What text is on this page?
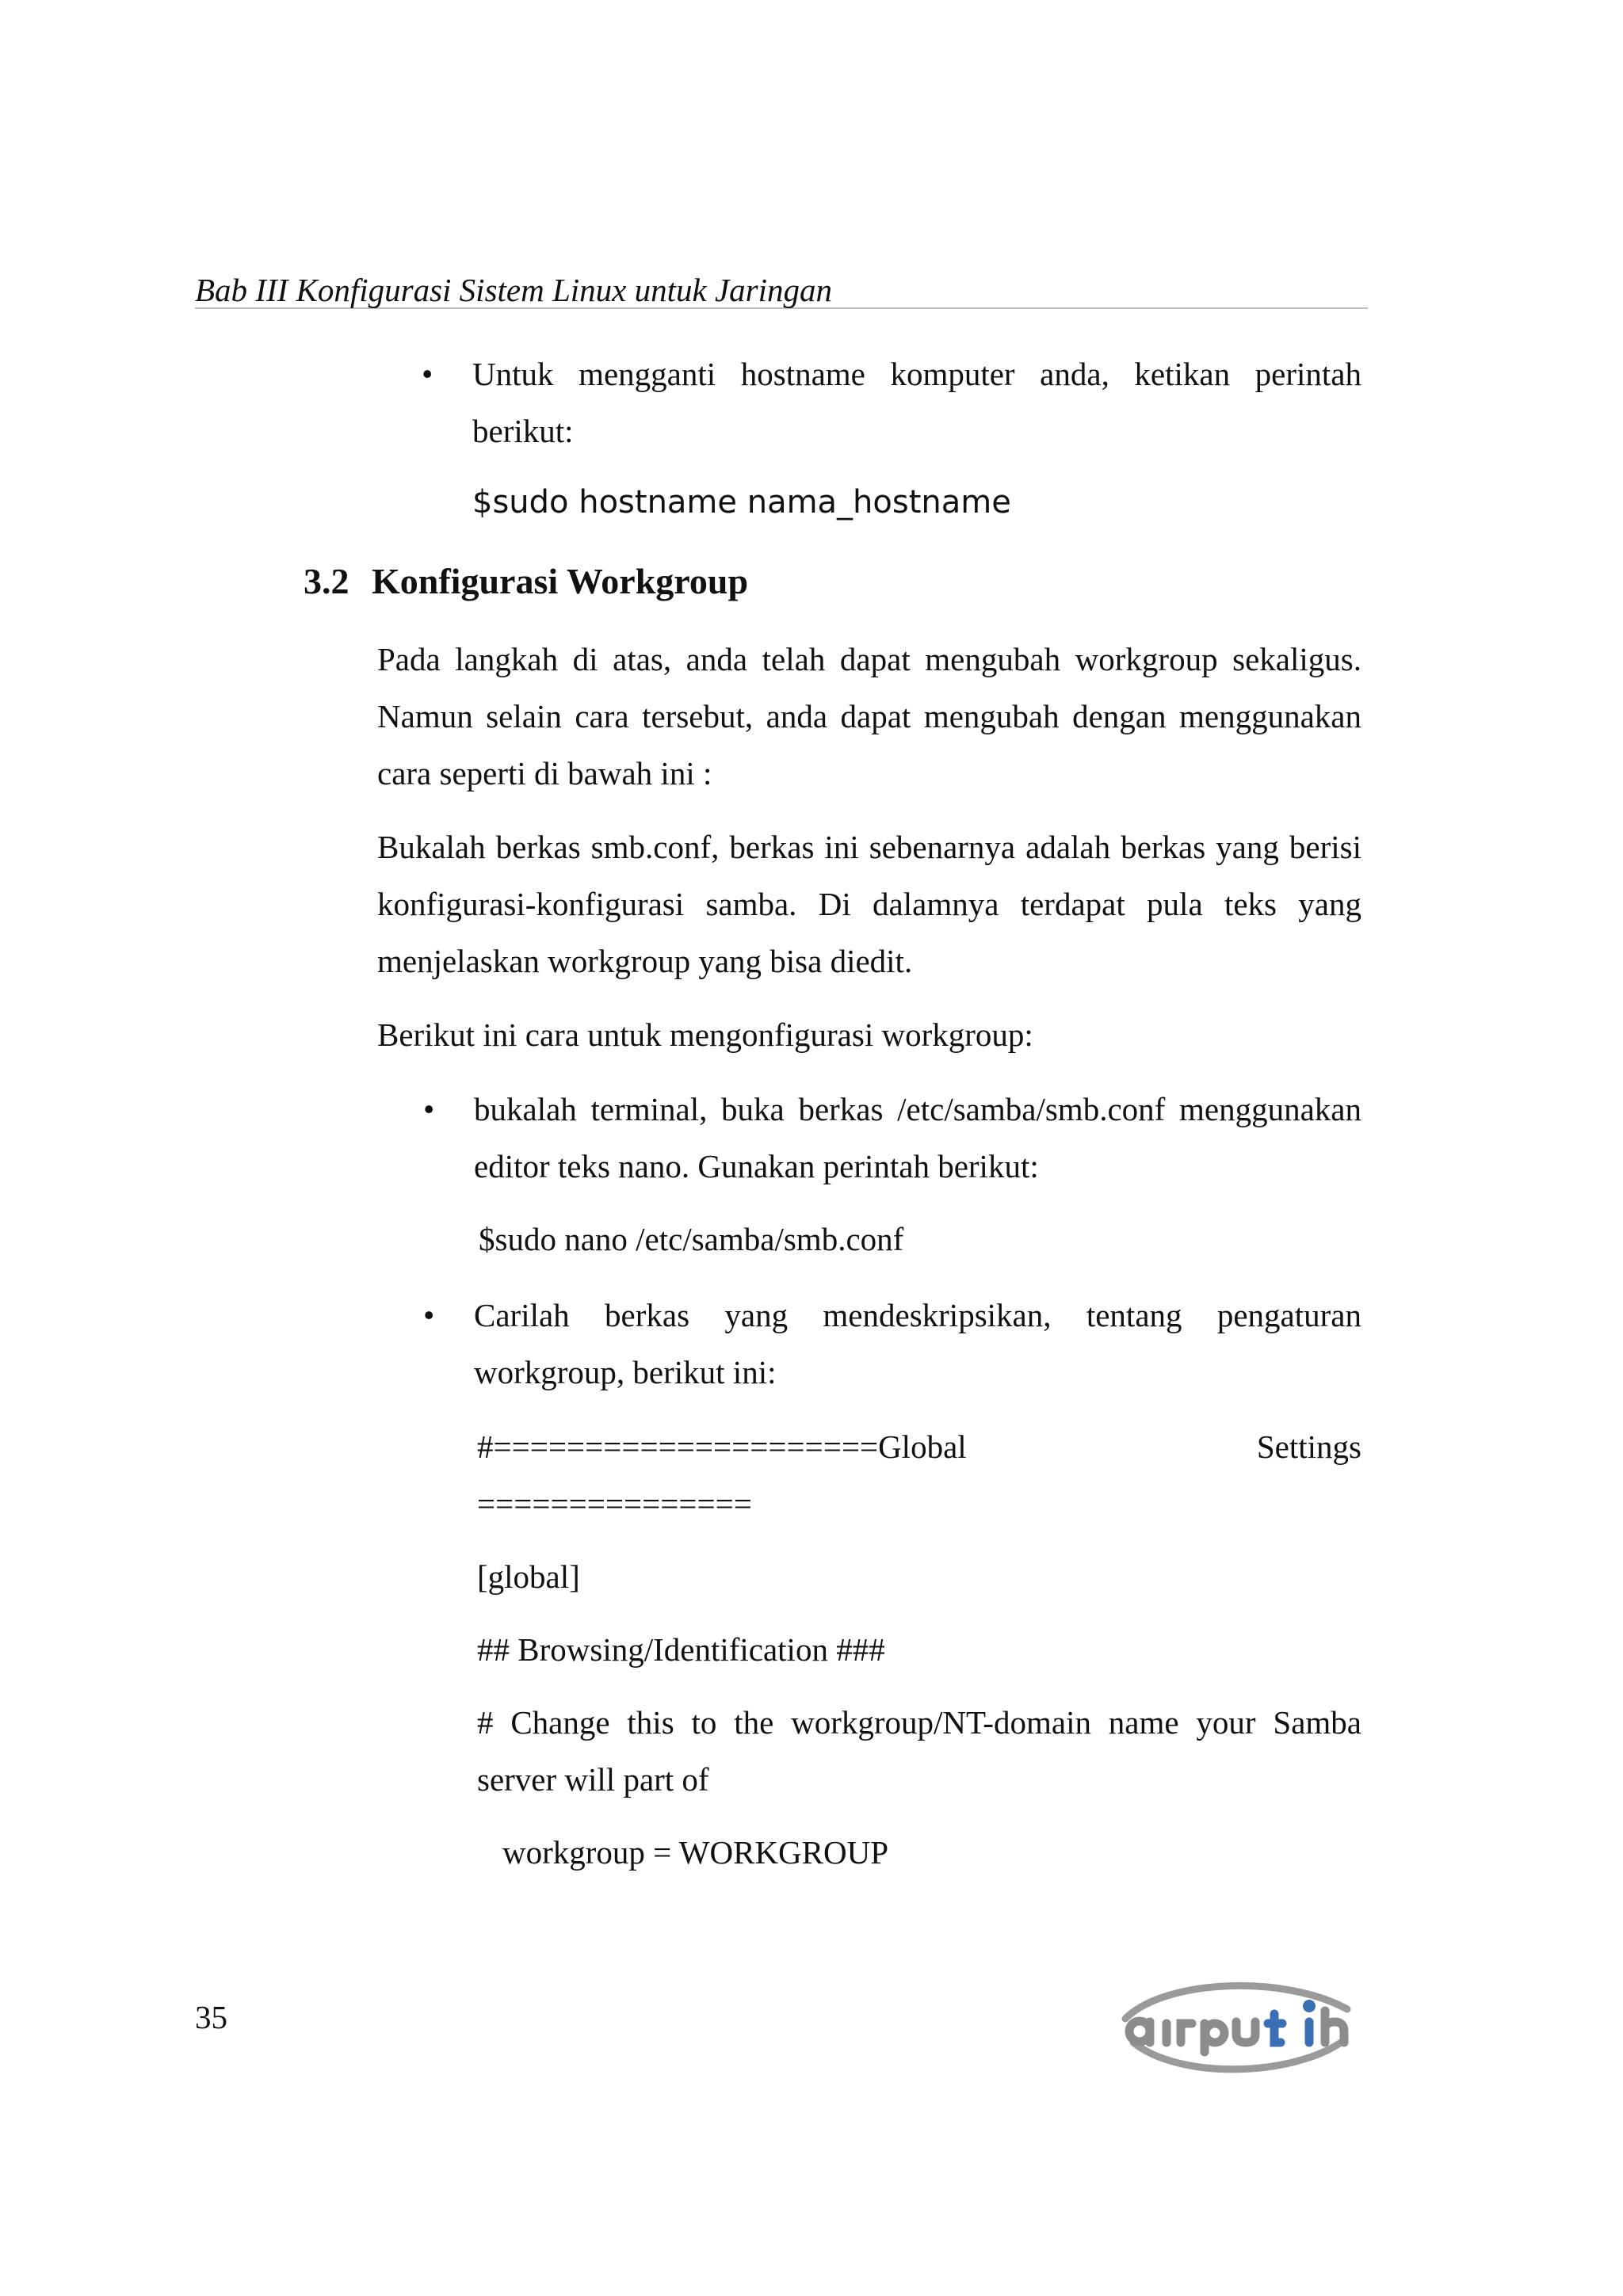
Bab III Konfigurasi Sistem Linux untuk Jaringan
• Untuk mengganti hostname komputer anda, ketikan perintah berikut:
$sudo hostname nama_hostname
3.2 Konfigurasi Workgroup
Pada langkah di atas, anda telah dapat mengubah workgroup sekaligus. Namun selain cara tersebut, anda dapat mengubah dengan menggunakan cara seperti di bawah ini :
Bukalah berkas smb.conf, berkas ini sebenarnya adalah berkas yang berisi konfigurasi-konfigurasi samba. Di dalamnya terdapat pula teks yang menjelaskan workgroup yang bisa diedit.
Berikut ini cara untuk mengonfigurasi workgroup:
• bukalah terminal, buka berkas /etc/samba/smb.conf menggunakan editor teks nano. Gunakan perintah berikut:
$sudo nano /etc/samba/smb.conf
• Carilah berkas yang mendeskripsikan, tentang pengaturan workgroup, berikut ini:
#=====================Global	Settings
===============
[global]
## Browsing/Identification ###
# Change this to the workgroup/NT-domain name your Samba server will part of
workgroup = WORKGROUP
35
